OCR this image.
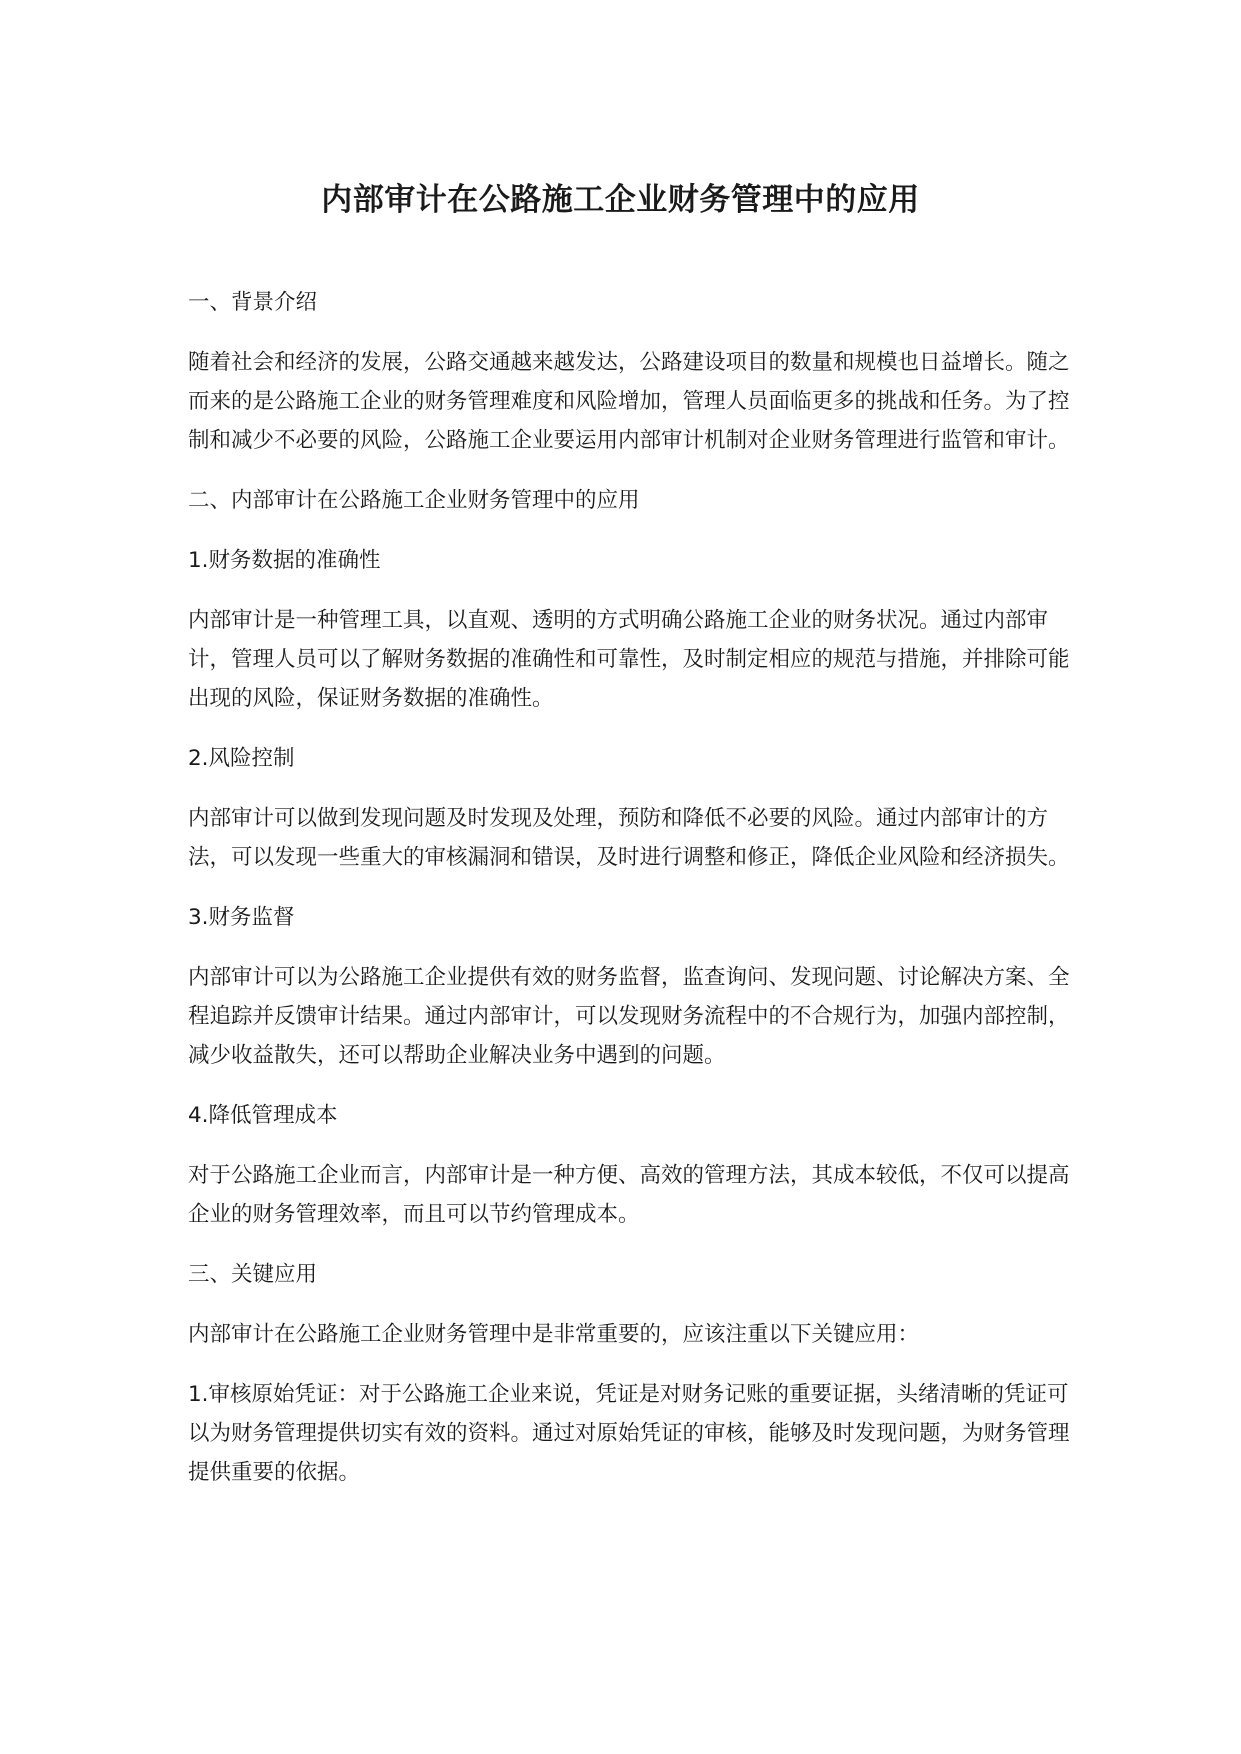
内部审计在公路施工企业财务管理中的应用

一、背景介绍

随着社会和经济的发展，公路交通越来越发达，公路建设项目的数量和规模也日益增长。随之而来的是公路施工企业的财务管理难度和风险增加，管理人员面临更多的挑战和任务。为了控制和减少不必要的风险，公路施工企业要运用内部审计机制对企业财务管理进行监管和审计。

二、内部审计在公路施工企业财务管理中的应用

1.财务数据的准确性

内部审计是一种管理工具，以直观、透明的方式明确公路施工企业的财务状况。通过内部审计，管理人员可以了解财务数据的准确性和可靠性，及时制定相应的规范与措施，并排除可能出现的风险，保证财务数据的准确性。

2.风险控制

内部审计可以做到发现问题及时发现及处理，预防和降低不必要的风险。通过内部审计的方法，可以发现一些重大的审核漏洞和错误，及时进行调整和修正，降低企业风险和经济损失。

3.财务监督

内部审计可以为公路施工企业提供有效的财务监督，监查询问、发现问题、讨论解决方案、全程追踪并反馈审计结果。通过内部审计，可以发现财务流程中的不合规行为，加强内部控制，减少收益散失，还可以帮助企业解决业务中遇到的问题。

4.降低管理成本

对于公路施工企业而言，内部审计是一种方便、高效的管理方法，其成本较低，不仅可以提高企业的财务管理效率，而且可以节约管理成本。

三、关键应用

内部审计在公路施工企业财务管理中是非常重要的，应该注重以下关键应用：

1.审核原始凭证：对于公路施工企业来说，凭证是对财务记账的重要证据，头绪清晰的凭证可以为财务管理提供切实有效的资料。通过对原始凭证的审核，能够及时发现问题，为财务管理提供重要的依据。
